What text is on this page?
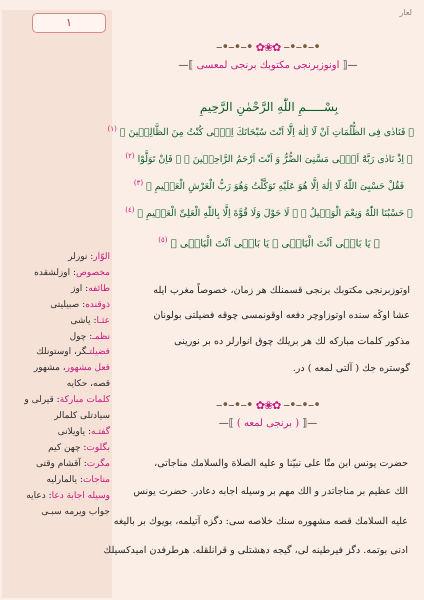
١
الوّار: نورلر
مخصوص: اوزلشقده
طائفه: اوز
ذوقنده: صبیلیتی
عثـا: یاشی
نظمـ: چول
فضیلتـگر، اوستونلك
فعل مشهور، مشهور
قصه، حکایه
کلمات مبارکة: قیرلی و
سیادتلی کلمالر
گفتـه: یاویلانی
بگلوت: چهن کیم
مگرت: آقشام وقتی
مناجات: یالمارلیه
وسیله اجابة دعا: دعایه
جواب ویرمه سبـی
لعار
–•–•–• ✿❀✿ –•–•–•
—⟦ اونوزبرنجی مکتوبك برنجی لمعسی ⟧—
بِسْـــــمِ اللّٰهِ الرَّحْمٰنِ الرَّحِيمِ
﴿ فَنَادٰى فِى الظُّلُمَاتِ اَنْ لَٓا اِلٰهَ اِلَّٓا اَنْتَ سُبْحَانَكَ اِنّ۪ى كُنْتُ مِنَ الظَّالِم۪ينَ ﴾ $^{(١)}$
﴿ اِذْ نَادٰى رَبَّهُٓ اَنّ۪ى مَسَّنِىَ الضُّرُّ وَ اَنْتَ اَرْحَمُ الرَّاحِم۪ينَ ﴾ ﴿ فَاِنْ تَوَلَّوْا $^{(٢)}$
فَقُلْ حَسْبِىَ اللّٰهُ لَٓا اِلٰهَ اِلَّا هُوَ عَلَيْهِ تَوَكَّلْتُ وَهُوَ رَبُّ الْعَرْشِ الْعَظ۪يمِ ﴾ $^{(٣)}$
﴿ حَسْبُنَا اللّٰهُ وَنِعْمَ الْوَك۪يلُ ﴾ ﴿ لَا حَوْلَ وَلَا قُوَّةَ اِلَّا بِاللّٰهِ الْعَلِىِّ الْعَظ۪يمِ ﴾ $^{(٤)}$
﴿ يَا بَاقٖى اَنْتَ الْبَاقٖى ﴾ يَا بَاقٖى اَنْتَ الْبَاقٖى ﴾ $^{(٥)}$
اوتوزبرنجی مکتوبك برنجی قسمنلك هر زمان، خصوصاً مغرب ایله
عشا اوڭه سنده اوتوزاوچر دفعه اوقونمسی چوقه فضیلتی بولونان
مذکور کلمات مبارکه لك هر بریلك چوق انوارلر ده بر نورینی
گوستره جك ( آلتی لمعه ) در.
–•–•–• ✿❀✿ –•–•–•
—⟦ ( برنجی لمعه ) ⟧—
حضرت یونس ابن متّا على نبيّنا و عليه الصلاة والسلامك مناجاتی،
الك عظیم بر مناجاتدر و الك مهم بر وسیله اجابه دعادر. حضرت یونس
علیه السلامك قصه مشهوره سنك خلاصه سی: دگزه آتیلمه، بویوك بر بالیغه
ادنی بوتمه. دگز فیرطینه لی، گیجه دهشتلی و قرانلقله. هرطرفدن امیدکسیلك
